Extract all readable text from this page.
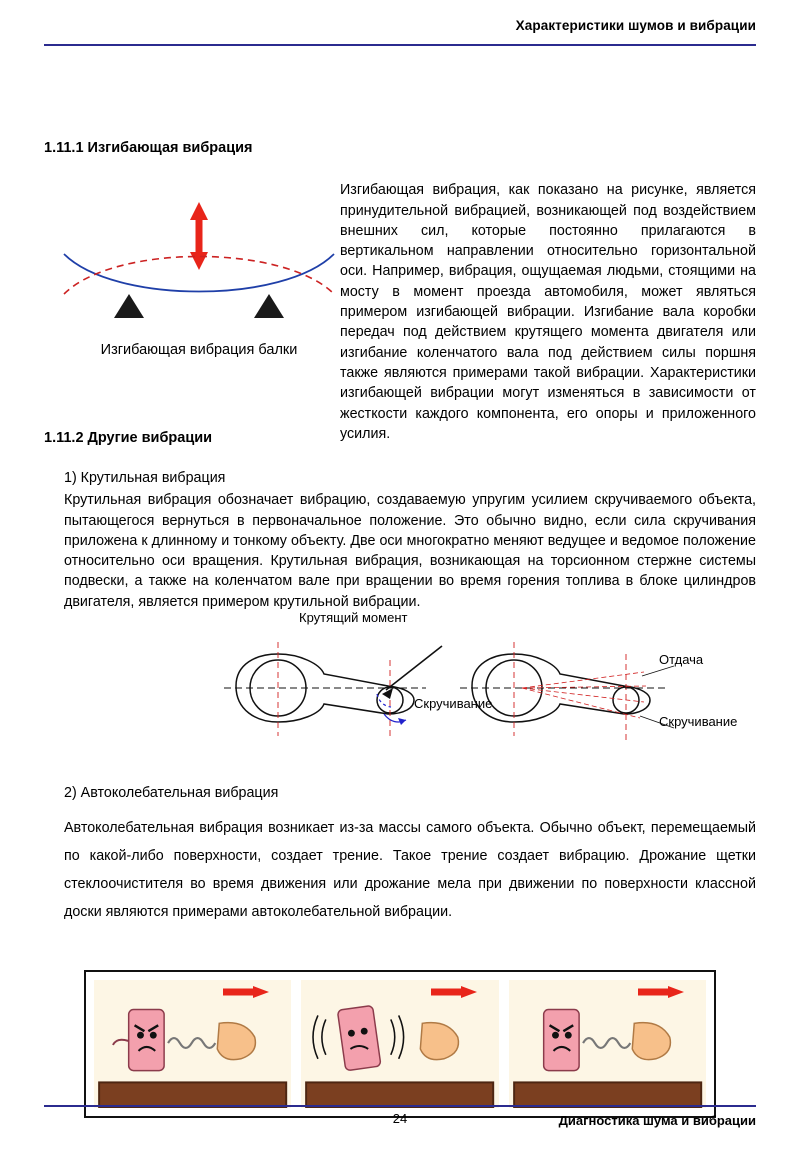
Характеристики шумов и вибрации
1.11.1 Изгибающая вибрация
Изгибающая вибрация балки

Изгибающая вибрация, как показано на рисунке, является принудительной вибрацией, возникающей под воздействием внешних сил, которые постоянно прилагаются в вертикальном направлении относительно горизонтальной оси. Например, вибрация, ощущаемая людьми, стоящими на мосту в момент проезда автомобиля, может являться примером изгибающей вибрации. Изгибание вала коробки передач под действием крутящего момента двигателя или изгибание коленчатого вала под действием силы поршня также являются примерами такой вибрации. Характеристики изгибающей вибрации могут изменяться в зависимости от жесткости каждого компонента, его опоры и приложенного усилия.

1.11.2 Другие вибрации

1) Крутильная вибрация

Крутильная вибрация обозначает вибрацию, создаваемую упругим усилием скручиваемого объекта, пытающегося вернуться в первоначальное положение. Это обычно видно, если сила скручивания приложена к длинному и тонкому объекту. Две оси многократно меняют ведущее и ведомое положение относительно оси вращения. Крутильная вибрация, возникающая на торсионном стержне системы подвески, а также на коленчатом вале при вращении во время горения топлива в блоке цилиндров двигателя, является примером крутильной вибрации.

Крутящий момент
Скручивание
Отдача
Скручивание

2) Автоколебательная вибрация

Автоколебательная вибрация возникает из-за массы самого объекта. Обычно объект, перемещаемый по какой-либо поверхности, создает трение. Такое трение создает вибрацию. Дрожание щетки стеклоочистителя во время движения или дрожание мела при движении по поверхности классной доски являются примерами автоколебательной вибрации.

24	Диагностика шума и вибрации
